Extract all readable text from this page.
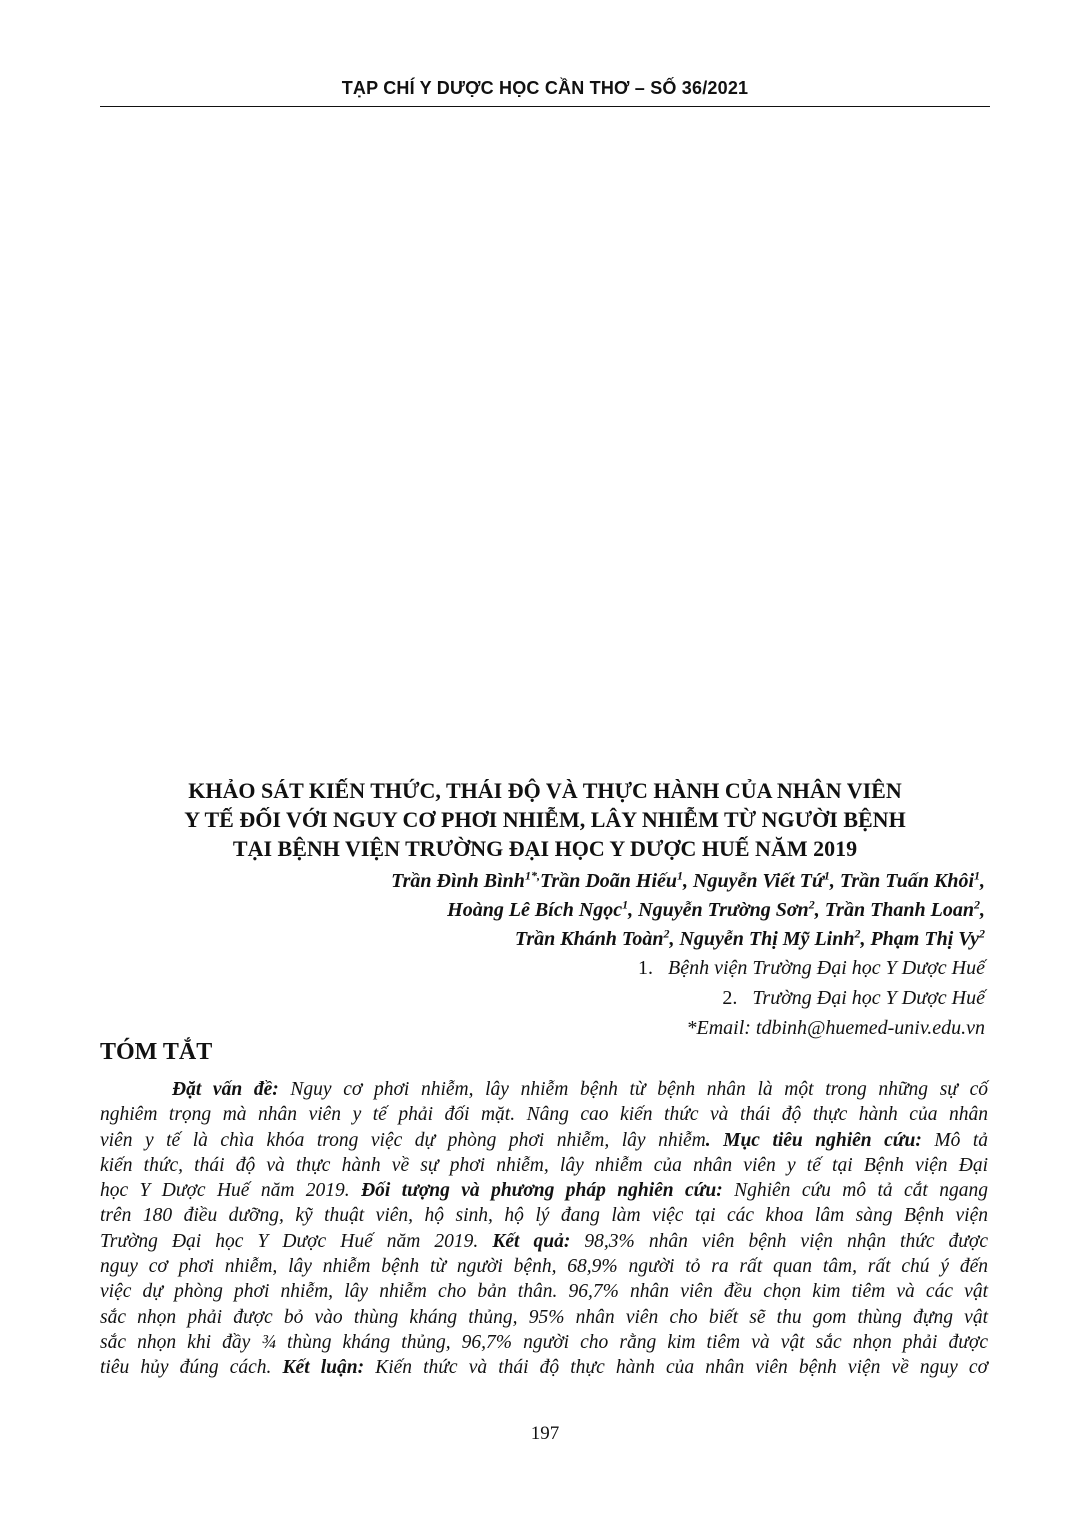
TẠP CHÍ Y DƯỢC HỌC CẦN THƠ – SỐ 36/2021
KHẢO SÁT KIẾN THỨC, THÁI ĐỘ VÀ THỰC HÀNH CỦA NHÂN VIÊN
Y TẾ ĐỐI VỚI NGUY CƠ PHƠI NHIỄM, LÂY NHIỄM TỪ NGƯỜI BỆNH
TẠI BỆNH VIỆN TRƯỜNG ĐẠI HỌC Y DƯỢC HUẾ NĂM 2019
Trần Đình Bình$^{1*,}$Trần Doãn Hiếu$^1$, Nguyễn Viết Tứ$^1$, Trần Tuấn Khôi$^1$,
Hoàng Lê Bích Ngọc$^1$, Nguyễn Trường Sơn$^2$, Trần Thanh Loan$^2$,
Trần Khánh Toàn$^2$, Nguyễn Thị Mỹ Linh$^2$, Phạm Thị Vy$^2$
1. Bệnh viện Trường Đại học Y Dược Huế
2. Trường Đại học Y Dược Huế
*Email: tdbinh@huemed-univ.edu.vn
TÓM TẮT
Đặt vấn đề: Nguy cơ phơi nhiễm, lây nhiễm bệnh từ bệnh nhân là một trong những sự cố
nghiêm trọng mà nhân viên y tế phải đối mặt. Nâng cao kiến thức và thái độ thực hành của nhân
viên y tế là chìa khóa trong việc dự phòng phơi nhiễm, lây nhiễm. Mục tiêu nghiên cứu: Mô tả
kiến thức, thái độ và thực hành về sự phơi nhiễm, lây nhiễm của nhân viên y tế tại Bệnh viện Đại
học Y Dược Huế năm 2019. Đối tượng và phương pháp nghiên cứu: Nghiên cứu mô tả cắt ngang
trên 180 điều dưỡng, kỹ thuật viên, hộ sinh, hộ lý đang làm việc tại các khoa lâm sàng Bệnh viện
Trường Đại học Y Dược Huế năm 2019. Kết quả: 98,3% nhân viên bệnh viện nhận thức được
nguy cơ phơi nhiễm, lây nhiễm bệnh từ người bệnh, 68,9% người tỏ ra rất quan tâm, rất chú ý đến
việc dự phòng phơi nhiễm, lây nhiễm cho bản thân. 96,7% nhân viên đều chọn kim tiêm và các vật
sắc nhọn phải được bỏ vào thùng kháng thủng, 95% nhân viên cho biết sẽ thu gom thùng đựng vật
sắc nhọn khi đầy ¾ thùng kháng thủng, 96,7% người cho rằng kim tiêm và vật sắc nhọn phải được
tiêu hủy đúng cách. Kết luận: Kiến thức và thái độ thực hành của nhân viên bệnh viện về nguy cơ
197
